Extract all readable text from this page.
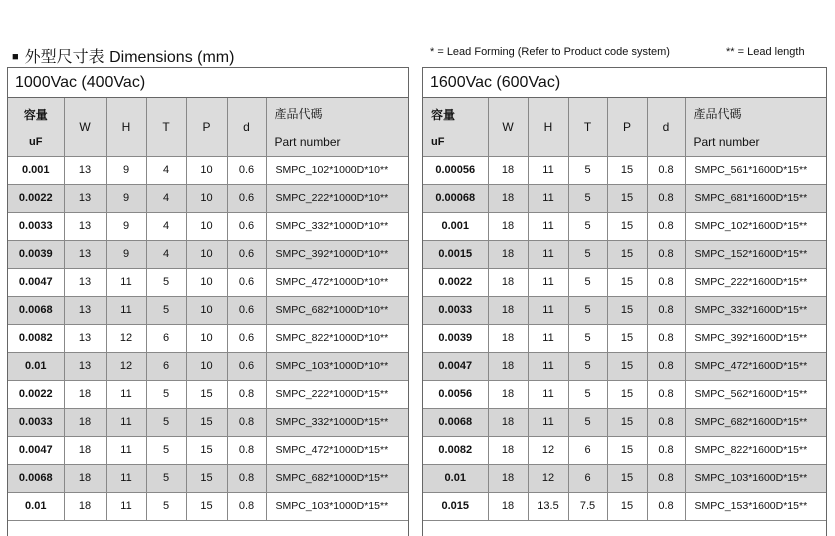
■ 外型尺寸表 Dimensions (mm)	* = Lead Forming (Refer to Product code system)	** = Lead length
1000Vac (400Vac)
容量
uF	W	H	T	P	d	產品代碼
Part number

0.001	13	9	4	10	0.6	SMPC_102*1000D*10**
0.0022	13	9	4	10	0.6	SMPC_222*1000D*10**
0.0033	13	9	4	10	0.6	SMPC_332*1000D*10**
0.0039	13	9	4	10	0.6	SMPC_392*1000D*10**
0.0047	13	11	5	10	0.6	SMPC_472*1000D*10**
0.0068	13	11	5	10	0.6	SMPC_682*1000D*10**
0.0082	13	12	6	10	0.6	SMPC_822*1000D*10**
0.01	13	12	6	10	0.6	SMPC_103*1000D*10**
0.0022	18	11	5	15	0.8	SMPC_222*1000D*15**
0.0033	18	11	5	15	0.8	SMPC_332*1000D*15**
0.0047	18	11	5	15	0.8	SMPC_472*1000D*15**
0.0068	18	11	5	15	0.8	SMPC_682*1000D*15**
0.01	18	11	5	15	0.8	SMPC_103*1000D*15**
1600Vac (600Vac)
容量
uF	W	H	T	P	d	產品代碼
Part number

0.00056	18	11	5	15	0.8	SMPC_561*1600D*15**
0.00068	18	11	5	15	0.8	SMPC_681*1600D*15**
0.001	18	11	5	15	0.8	SMPC_102*1600D*15**
0.0015	18	11	5	15	0.8	SMPC_152*1600D*15**
0.0022	18	11	5	15	0.8	SMPC_222*1600D*15**
0.0033	18	11	5	15	0.8	SMPC_332*1600D*15**
0.0039	18	11	5	15	0.8	SMPC_392*1600D*15**
0.0047	18	11	5	15	0.8	SMPC_472*1600D*15**
0.0056	18	11	5	15	0.8	SMPC_562*1600D*15**
0.0068	18	11	5	15	0.8	SMPC_682*1600D*15**
0.0082	18	12	6	15	0.8	SMPC_822*1600D*15**
0.01	18	12	6	15	0.8	SMPC_103*1600D*15**
0.015	18	13.5	7.5	15	0.8	SMPC_153*1600D*15**
